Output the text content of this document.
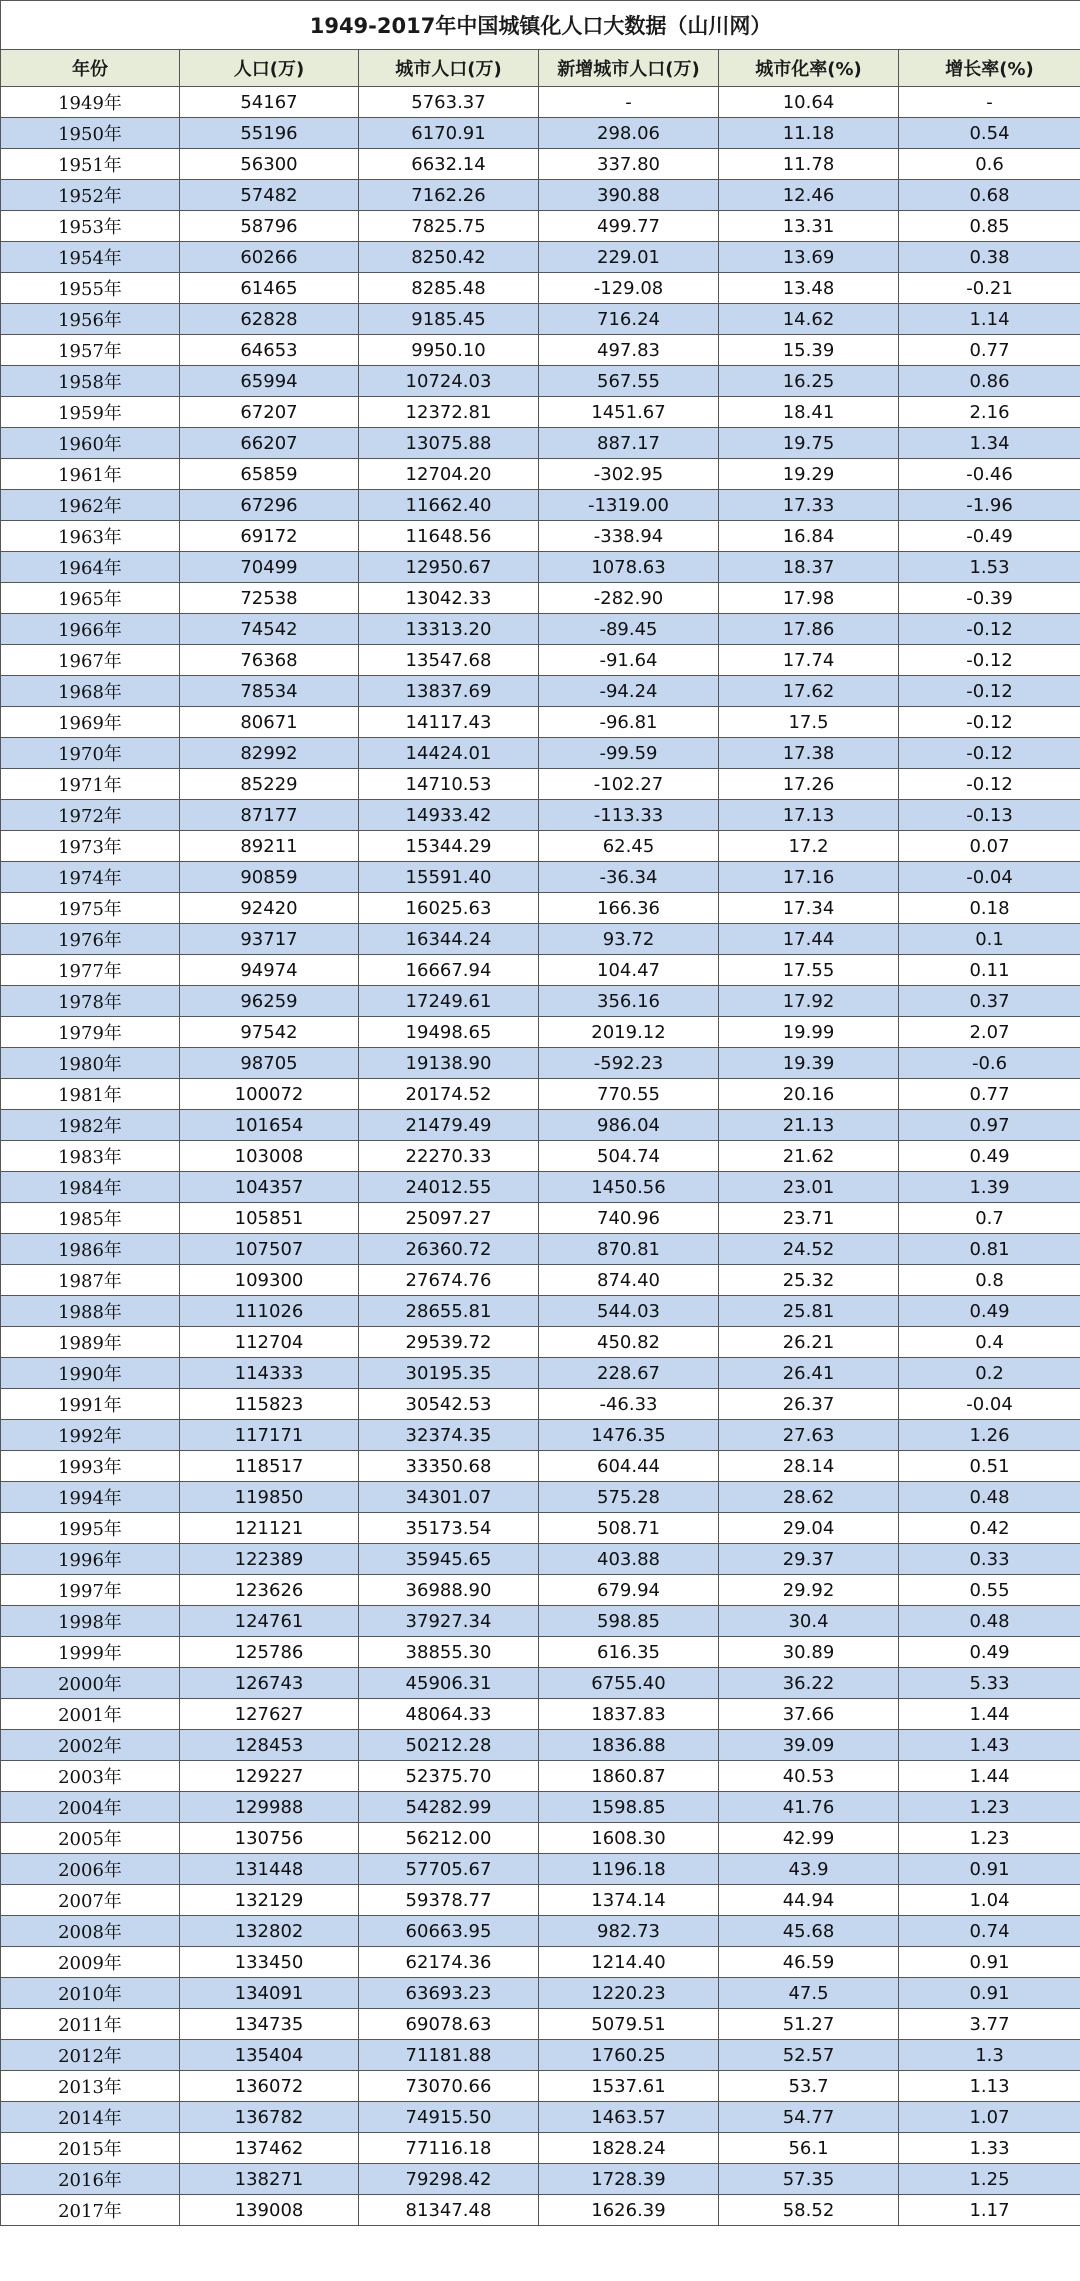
1949-2017年中国城镇化人口大数据（山川网）					
年份	人口(万)	城市人口(万)	新增城市人口(万)	城市化率(%)	增长率(%)
1949年	54167	5763.37	-	10.64	-
1950年	55196	6170.91	298.06	11.18	0.54
1951年	56300	6632.14	337.80	11.78	0.6
1952年	57482	7162.26	390.88	12.46	0.68
1953年	58796	7825.75	499.77	13.31	0.85
1954年	60266	8250.42	229.01	13.69	0.38
1955年	61465	8285.48	-129.08	13.48	-0.21
1956年	62828	9185.45	716.24	14.62	1.14
1957年	64653	9950.10	497.83	15.39	0.77
1958年	65994	10724.03	567.55	16.25	0.86
1959年	67207	12372.81	1451.67	18.41	2.16
1960年	66207	13075.88	887.17	19.75	1.34
1961年	65859	12704.20	-302.95	19.29	-0.46
1962年	67296	11662.40	-1319.00	17.33	-1.96
1963年	69172	11648.56	-338.94	16.84	-0.49
1964年	70499	12950.67	1078.63	18.37	1.53
1965年	72538	13042.33	-282.90	17.98	-0.39
1966年	74542	13313.20	-89.45	17.86	-0.12
1967年	76368	13547.68	-91.64	17.74	-0.12
1968年	78534	13837.69	-94.24	17.62	-0.12
1969年	80671	14117.43	-96.81	17.5	-0.12
1970年	82992	14424.01	-99.59	17.38	-0.12
1971年	85229	14710.53	-102.27	17.26	-0.12
1972年	87177	14933.42	-113.33	17.13	-0.13
1973年	89211	15344.29	62.45	17.2	0.07
1974年	90859	15591.40	-36.34	17.16	-0.04
1975年	92420	16025.63	166.36	17.34	0.18
1976年	93717	16344.24	93.72	17.44	0.1
1977年	94974	16667.94	104.47	17.55	0.11
1978年	96259	17249.61	356.16	17.92	0.37
1979年	97542	19498.65	2019.12	19.99	2.07
1980年	98705	19138.90	-592.23	19.39	-0.6
1981年	100072	20174.52	770.55	20.16	0.77
1982年	101654	21479.49	986.04	21.13	0.97
1983年	103008	22270.33	504.74	21.62	0.49
1984年	104357	24012.55	1450.56	23.01	1.39
1985年	105851	25097.27	740.96	23.71	0.7
1986年	107507	26360.72	870.81	24.52	0.81
1987年	109300	27674.76	874.40	25.32	0.8
1988年	111026	28655.81	544.03	25.81	0.49
1989年	112704	29539.72	450.82	26.21	0.4
1990年	114333	30195.35	228.67	26.41	0.2
1991年	115823	30542.53	-46.33	26.37	-0.04
1992年	117171	32374.35	1476.35	27.63	1.26
1993年	118517	33350.68	604.44	28.14	0.51
1994年	119850	34301.07	575.28	28.62	0.48
1995年	121121	35173.54	508.71	29.04	0.42
1996年	122389	35945.65	403.88	29.37	0.33
1997年	123626	36988.90	679.94	29.92	0.55
1998年	124761	37927.34	598.85	30.4	0.48
1999年	125786	38855.30	616.35	30.89	0.49
2000年	126743	45906.31	6755.40	36.22	5.33
2001年	127627	48064.33	1837.83	37.66	1.44
2002年	128453	50212.28	1836.88	39.09	1.43
2003年	129227	52375.70	1860.87	40.53	1.44
2004年	129988	54282.99	1598.85	41.76	1.23
2005年	130756	56212.00	1608.30	42.99	1.23
2006年	131448	57705.67	1196.18	43.9	0.91
2007年	132129	59378.77	1374.14	44.94	1.04
2008年	132802	60663.95	982.73	45.68	0.74
2009年	133450	62174.36	1214.40	46.59	0.91
2010年	134091	63693.23	1220.23	47.5	0.91
2011年	134735	69078.63	5079.51	51.27	3.77
2012年	135404	71181.88	1760.25	52.57	1.3
2013年	136072	73070.66	1537.61	53.7	1.13
2014年	136782	74915.50	1463.57	54.77	1.07
2015年	137462	77116.18	1828.24	56.1	1.33
2016年	138271	79298.42	1728.39	57.35	1.25
2017年	139008	81347.48	1626.39	58.52	1.17
